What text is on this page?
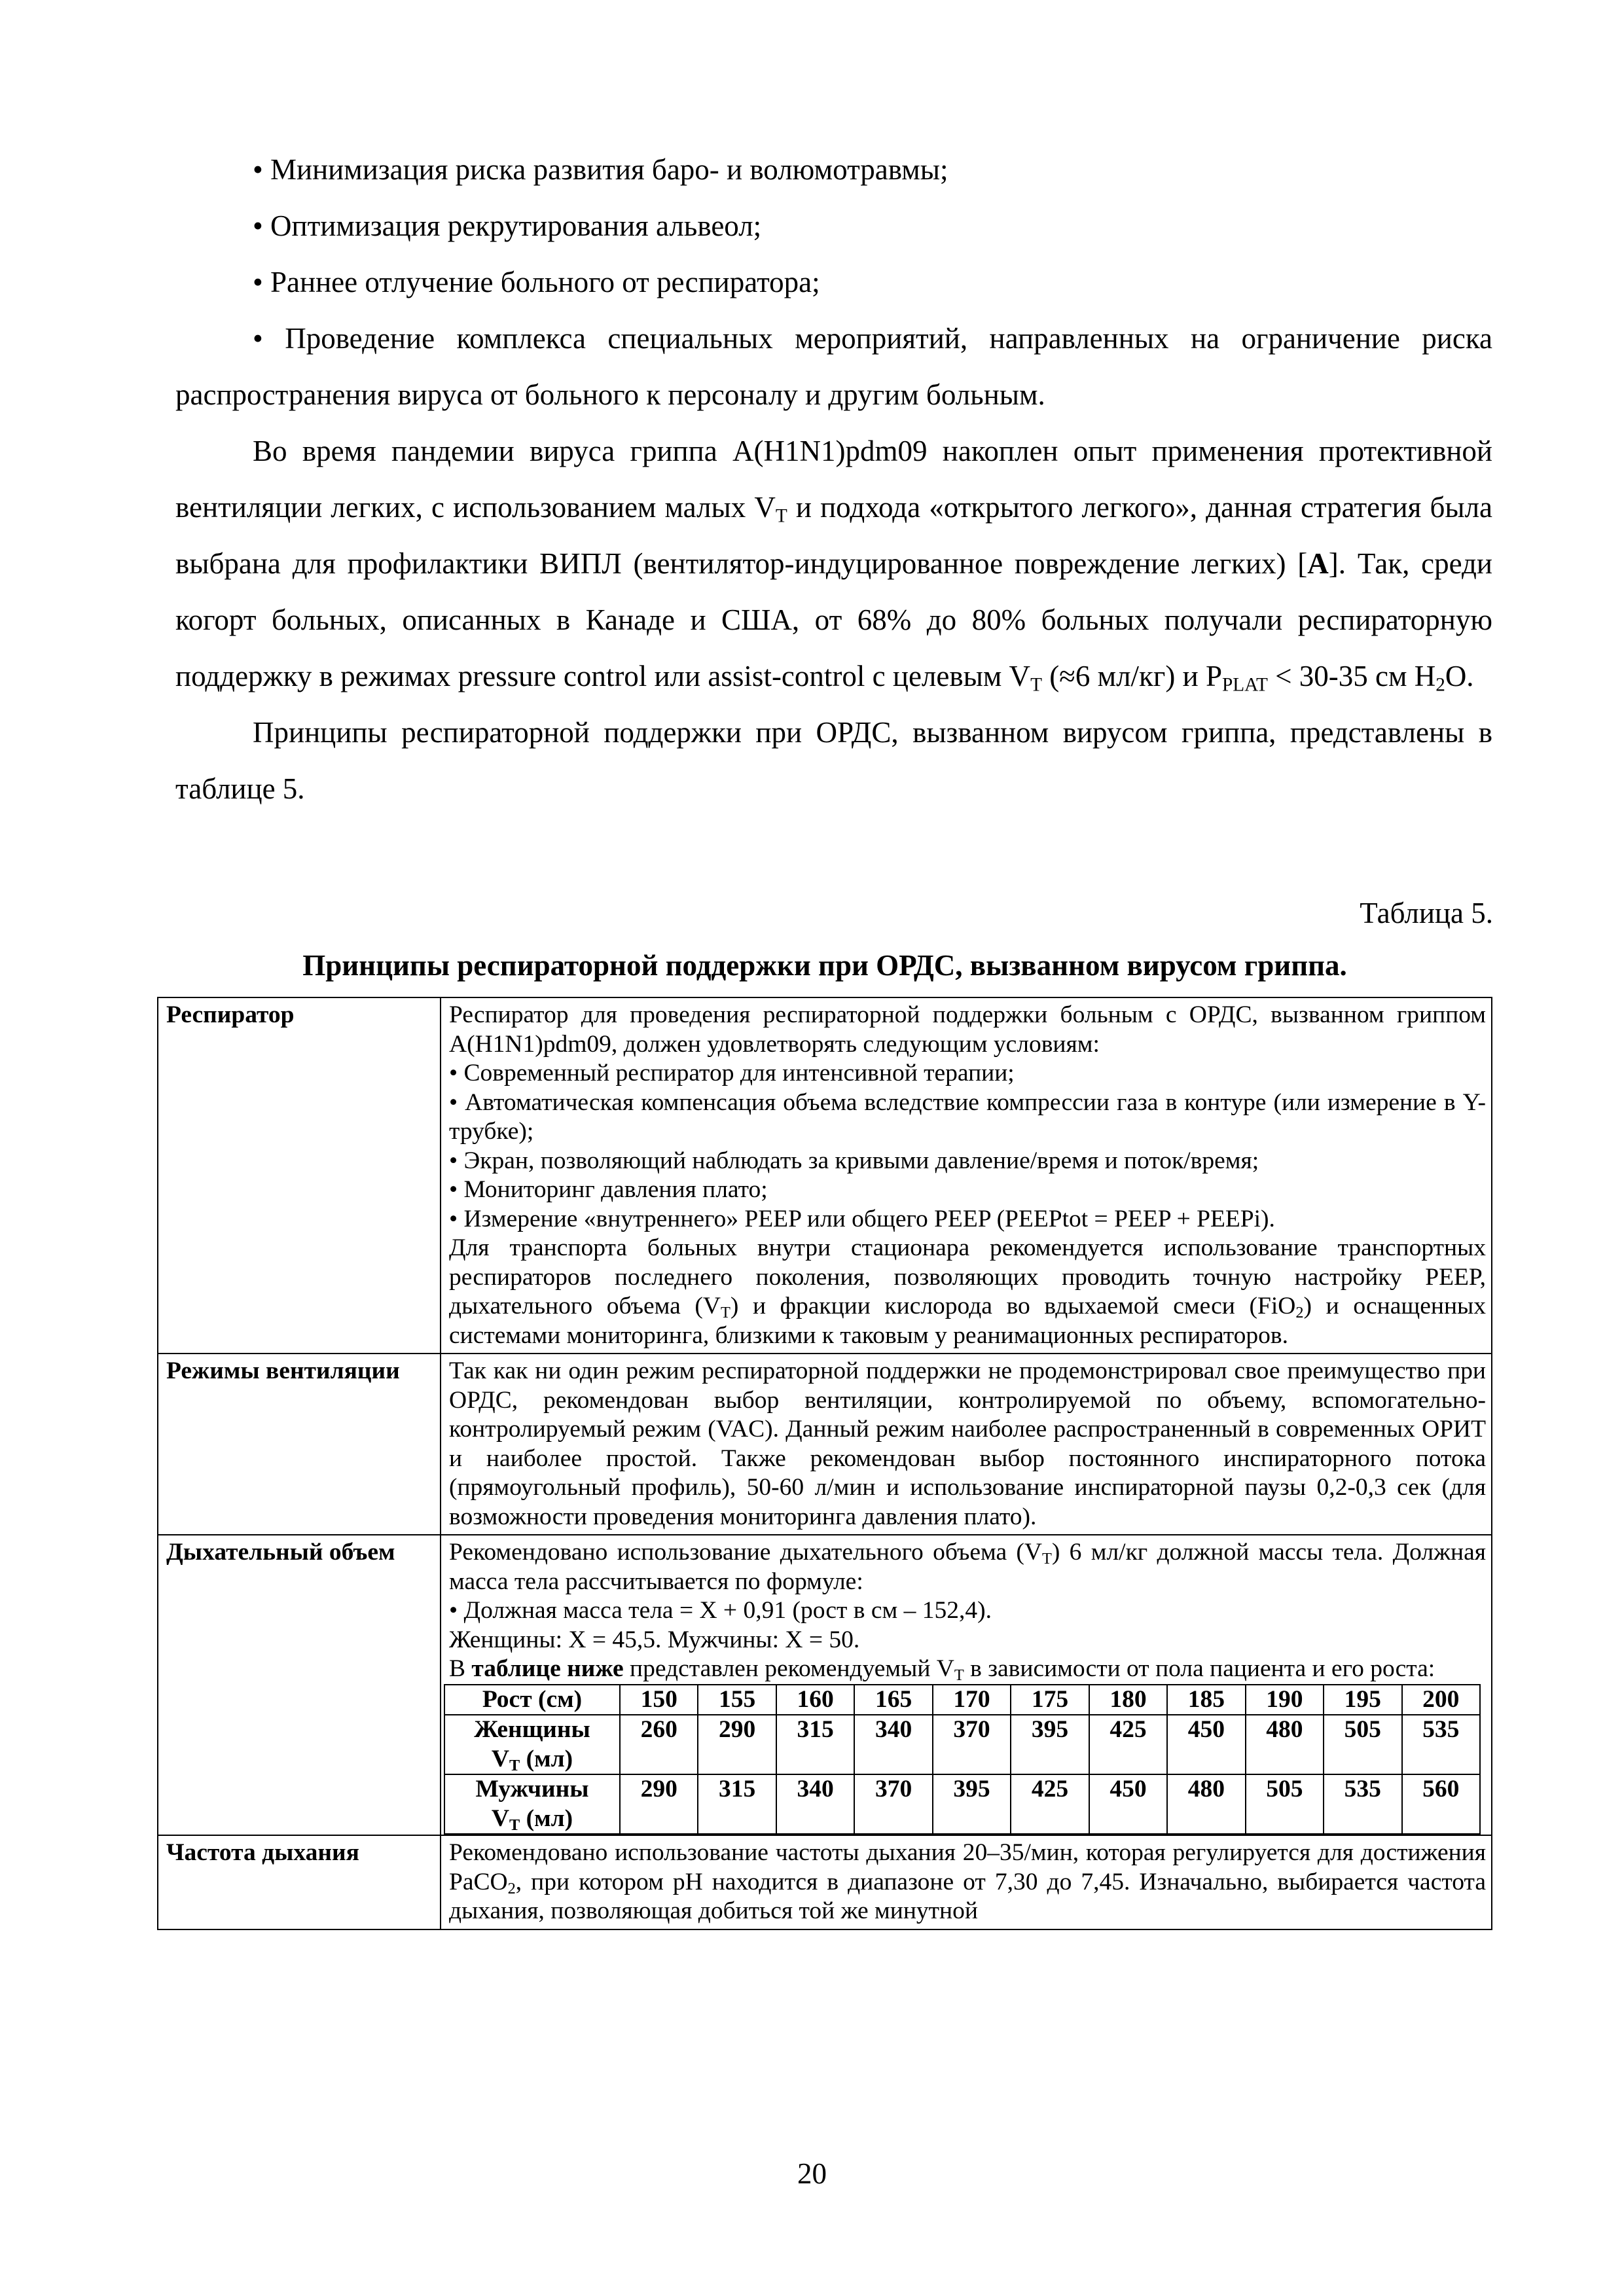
• Минимизация риска развития баро- и волюмотравмы;

• Оптимизация рекрутирования альвеол;

• Раннее отлучение больного от респиратора;

• Проведение комплекса специальных мероприятий, направленных на ограничение риска распространения вируса от больного к персоналу и другим больным.

Во время пандемии вируса гриппа А(H1N1)pdm09 накоплен опыт применения протективной вентиляции легких, с использованием малых $V_T$ и подхода «открытого легкого», данная стратегия была выбрана для профилактики ВИПЛ (вентилятор-индуцированное повреждение легких) [А]. Так, среди когорт больных, описанных в Канаде и США, от 68% до 80% больных получали респираторную поддержку в режимах pressure control или assist-control с целевым $V_T$ (≈6 мл/кг) и $P_{PLAT} < 30-35$ см $H_2O$.

Принципы респираторной поддержки при ОРДС, вызванном вирусом гриппа, представлены в таблице 5.

Таблица 5.
Принципы респираторной поддержки при ОРДС, вызванном вирусом гриппа.
Респиратор	Респиратор для проведения респираторной поддержки больным с ОРДС, вызванном гриппом А(H1N1)pdm09, должен удовлетворять следующим условиям:
• Современный респиратор для интенсивной терапии;
• Автоматическая компенсация объема вследствие компрессии газа в контуре (или измерение в Y-трубке);
• Экран, позволяющий наблюдать за кривыми давление/время и поток/время;
• Мониторинг давления плато;
• Измерение «внутреннего» PEEP или общего PEEP (PEEPtot = PEEP + PEEPi).
Для транспорта больных внутри стационара рекомендуется использование транспортных респираторов последнего поколения, позволяющих проводить точную настройку PEEP, дыхательного объема $(V_T)$ и фракции кислорода во вдыхаемой смеси (FiO$_2$) и оснащенных системами мониторинга, близкими к таковым у реанимационных респираторов.

Режимы вентиляции	Так как ни один режим респираторной поддержки не продемонстрировал свое преимущество при ОРДС, рекомендован выбор вентиляции, контролируемой по объему, вспомогательно-контролируемый режим (VAC). Данный режим наиболее распространенный в современных ОРИТ и наиболее простой. Также рекомендован выбор постоянного инспираторного потока (прямоугольный профиль), 50-60 л/мин и использование инспираторной паузы 0,2-0,3 сек (для возможности проведения мониторинга давления плато).
Дыхательный объем	Рекомендовано использование дыхательного объема $(V_T)$ 6 мл/кг должной массы тела. Должная масса тела рассчитывается по формуле:
• Должная масса тела = X + 0,91 (рост в см – 152,4).
Женщины: X = 45,5. Мужчины: X = 50.
В таблице ниже представлен рекомендуемый $V_T$ в зависимости от пола пациента и его роста:
Рост (см)	150	155	160	165	170	175	180	185	190	195	200
Женщины
$V_T$ (мл)	260	290	315	340	370	395	425	450	480	505	535
Мужчины
$V_T$ (мл)	290	315	340	370	395	425	450	480	505	535	560

Частота дыхания	Рекомендовано использование частоты дыхания 20–35/мин, которая регулируется для достижения PaCO$_2$, при котором pH находится в диапазоне от 7,30 до 7,45. Изначально, выбирается частота дыхания, позволяющая добиться той же минутной
20
